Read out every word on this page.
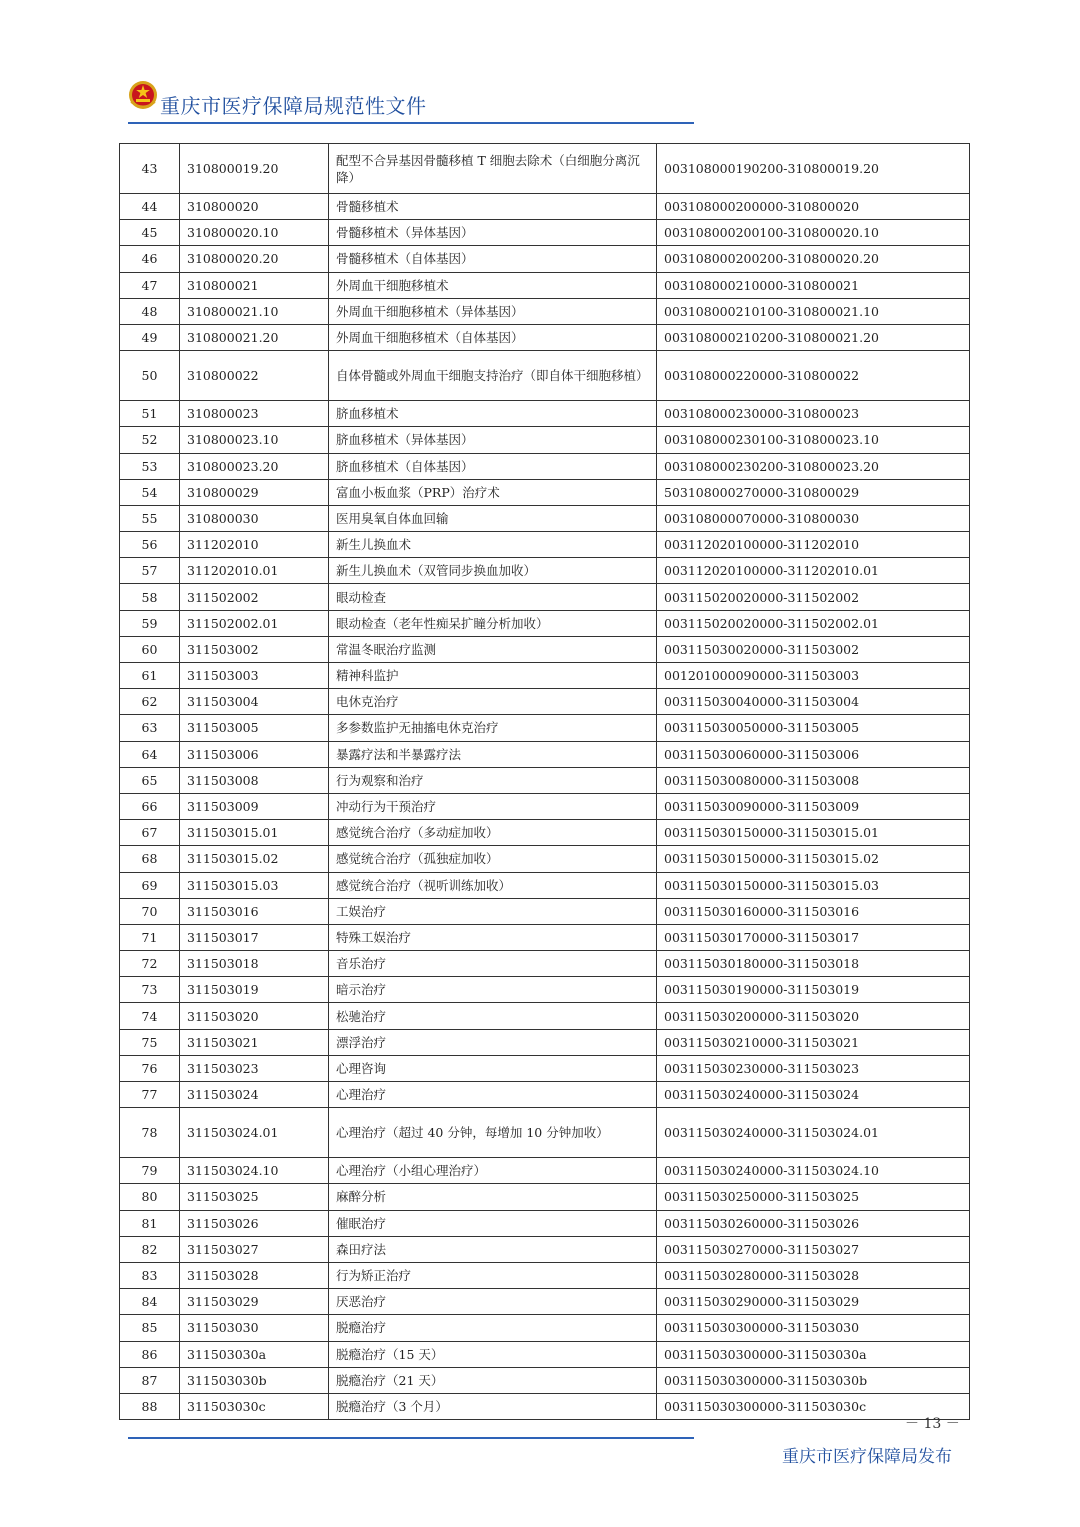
重庆市医疗保障局规范性文件
43	310800019.20	配型不合异基因骨髓移植 T 细胞去除术（白细胞分离沉降）	003108000190200-310800019.20
44	310800020	骨髓移植术	003108000200000-310800020
45	310800020.10	骨髓移植术（异体基因）	003108000200100-310800020.10
46	310800020.20	骨髓移植术（自体基因）	003108000200200-310800020.20
47	310800021	外周血干细胞移植术	003108000210000-310800021
48	310800021.10	外周血干细胞移植术（异体基因）	003108000210100-310800021.10
49	310800021.20	外周血干细胞移植术（自体基因）	003108000210200-310800021.20
50	310800022	自体骨髓或外周血干细胞支持治疗（即自体干细胞移植）	003108000220000-310800022
51	310800023	脐血移植术	003108000230000-310800023
52	310800023.10	脐血移植术（异体基因）	003108000230100-310800023.10
53	310800023.20	脐血移植术（自体基因）	003108000230200-310800023.20
54	310800029	富血小板血浆（PRP）治疗术	503108000270000-310800029
55	310800030	医用臭氧自体血回输	003108000070000-310800030
56	311202010	新生儿换血术	003112020100000-311202010
57	311202010.01	新生儿换血术（双管同步换血加收）	003112020100000-311202010.01
58	311502002	眼动检查	003115020020000-311502002
59	311502002.01	眼动检查（老年性痴呆扩瞳分析加收）	003115020020000-311502002.01
60	311503002	常温冬眠治疗监测	003115030020000-311503002
61	311503003	精神科监护	001201000090000-311503003
62	311503004	电休克治疗	003115030040000-311503004
63	311503005	多参数监护无抽搐电休克治疗	003115030050000-311503005
64	311503006	暴露疗法和半暴露疗法	003115030060000-311503006
65	311503008	行为观察和治疗	003115030080000-311503008
66	311503009	冲动行为干预治疗	003115030090000-311503009
67	311503015.01	感觉统合治疗（多动症加收）	003115030150000-311503015.01
68	311503015.02	感觉统合治疗（孤独症加收）	003115030150000-311503015.02
69	311503015.03	感觉统合治疗（视听训练加收）	003115030150000-311503015.03
70	311503016	工娱治疗	003115030160000-311503016
71	311503017	特殊工娱治疗	003115030170000-311503017
72	311503018	音乐治疗	003115030180000-311503018
73	311503019	暗示治疗	003115030190000-311503019
74	311503020	松驰治疗	003115030200000-311503020
75	311503021	漂浮治疗	003115030210000-311503021
76	311503023	心理咨询	003115030230000-311503023
77	311503024	心理治疗	003115030240000-311503024
78	311503024.01	心理治疗（超过 40 分钟，每增加 10 分钟加收）	003115030240000-311503024.01
79	311503024.10	心理治疗（小组心理治疗）	003115030240000-311503024.10
80	311503025	麻醉分析	003115030250000-311503025
81	311503026	催眠治疗	003115030260000-311503026
82	311503027	森田疗法	003115030270000-311503027
83	311503028	行为矫正治疗	003115030280000-311503028
84	311503029	厌恶治疗	003115030290000-311503029
85	311503030	脱瘾治疗	003115030300000-311503030
86	311503030a	脱瘾治疗（15 天）	003115030300000-311503030a
87	311503030b	脱瘾治疗（21 天）	003115030300000-311503030b
88	311503030c	脱瘾治疗（3 个月）	003115030300000-311503030c
－ 13 －
重庆市医疗保障局发布
